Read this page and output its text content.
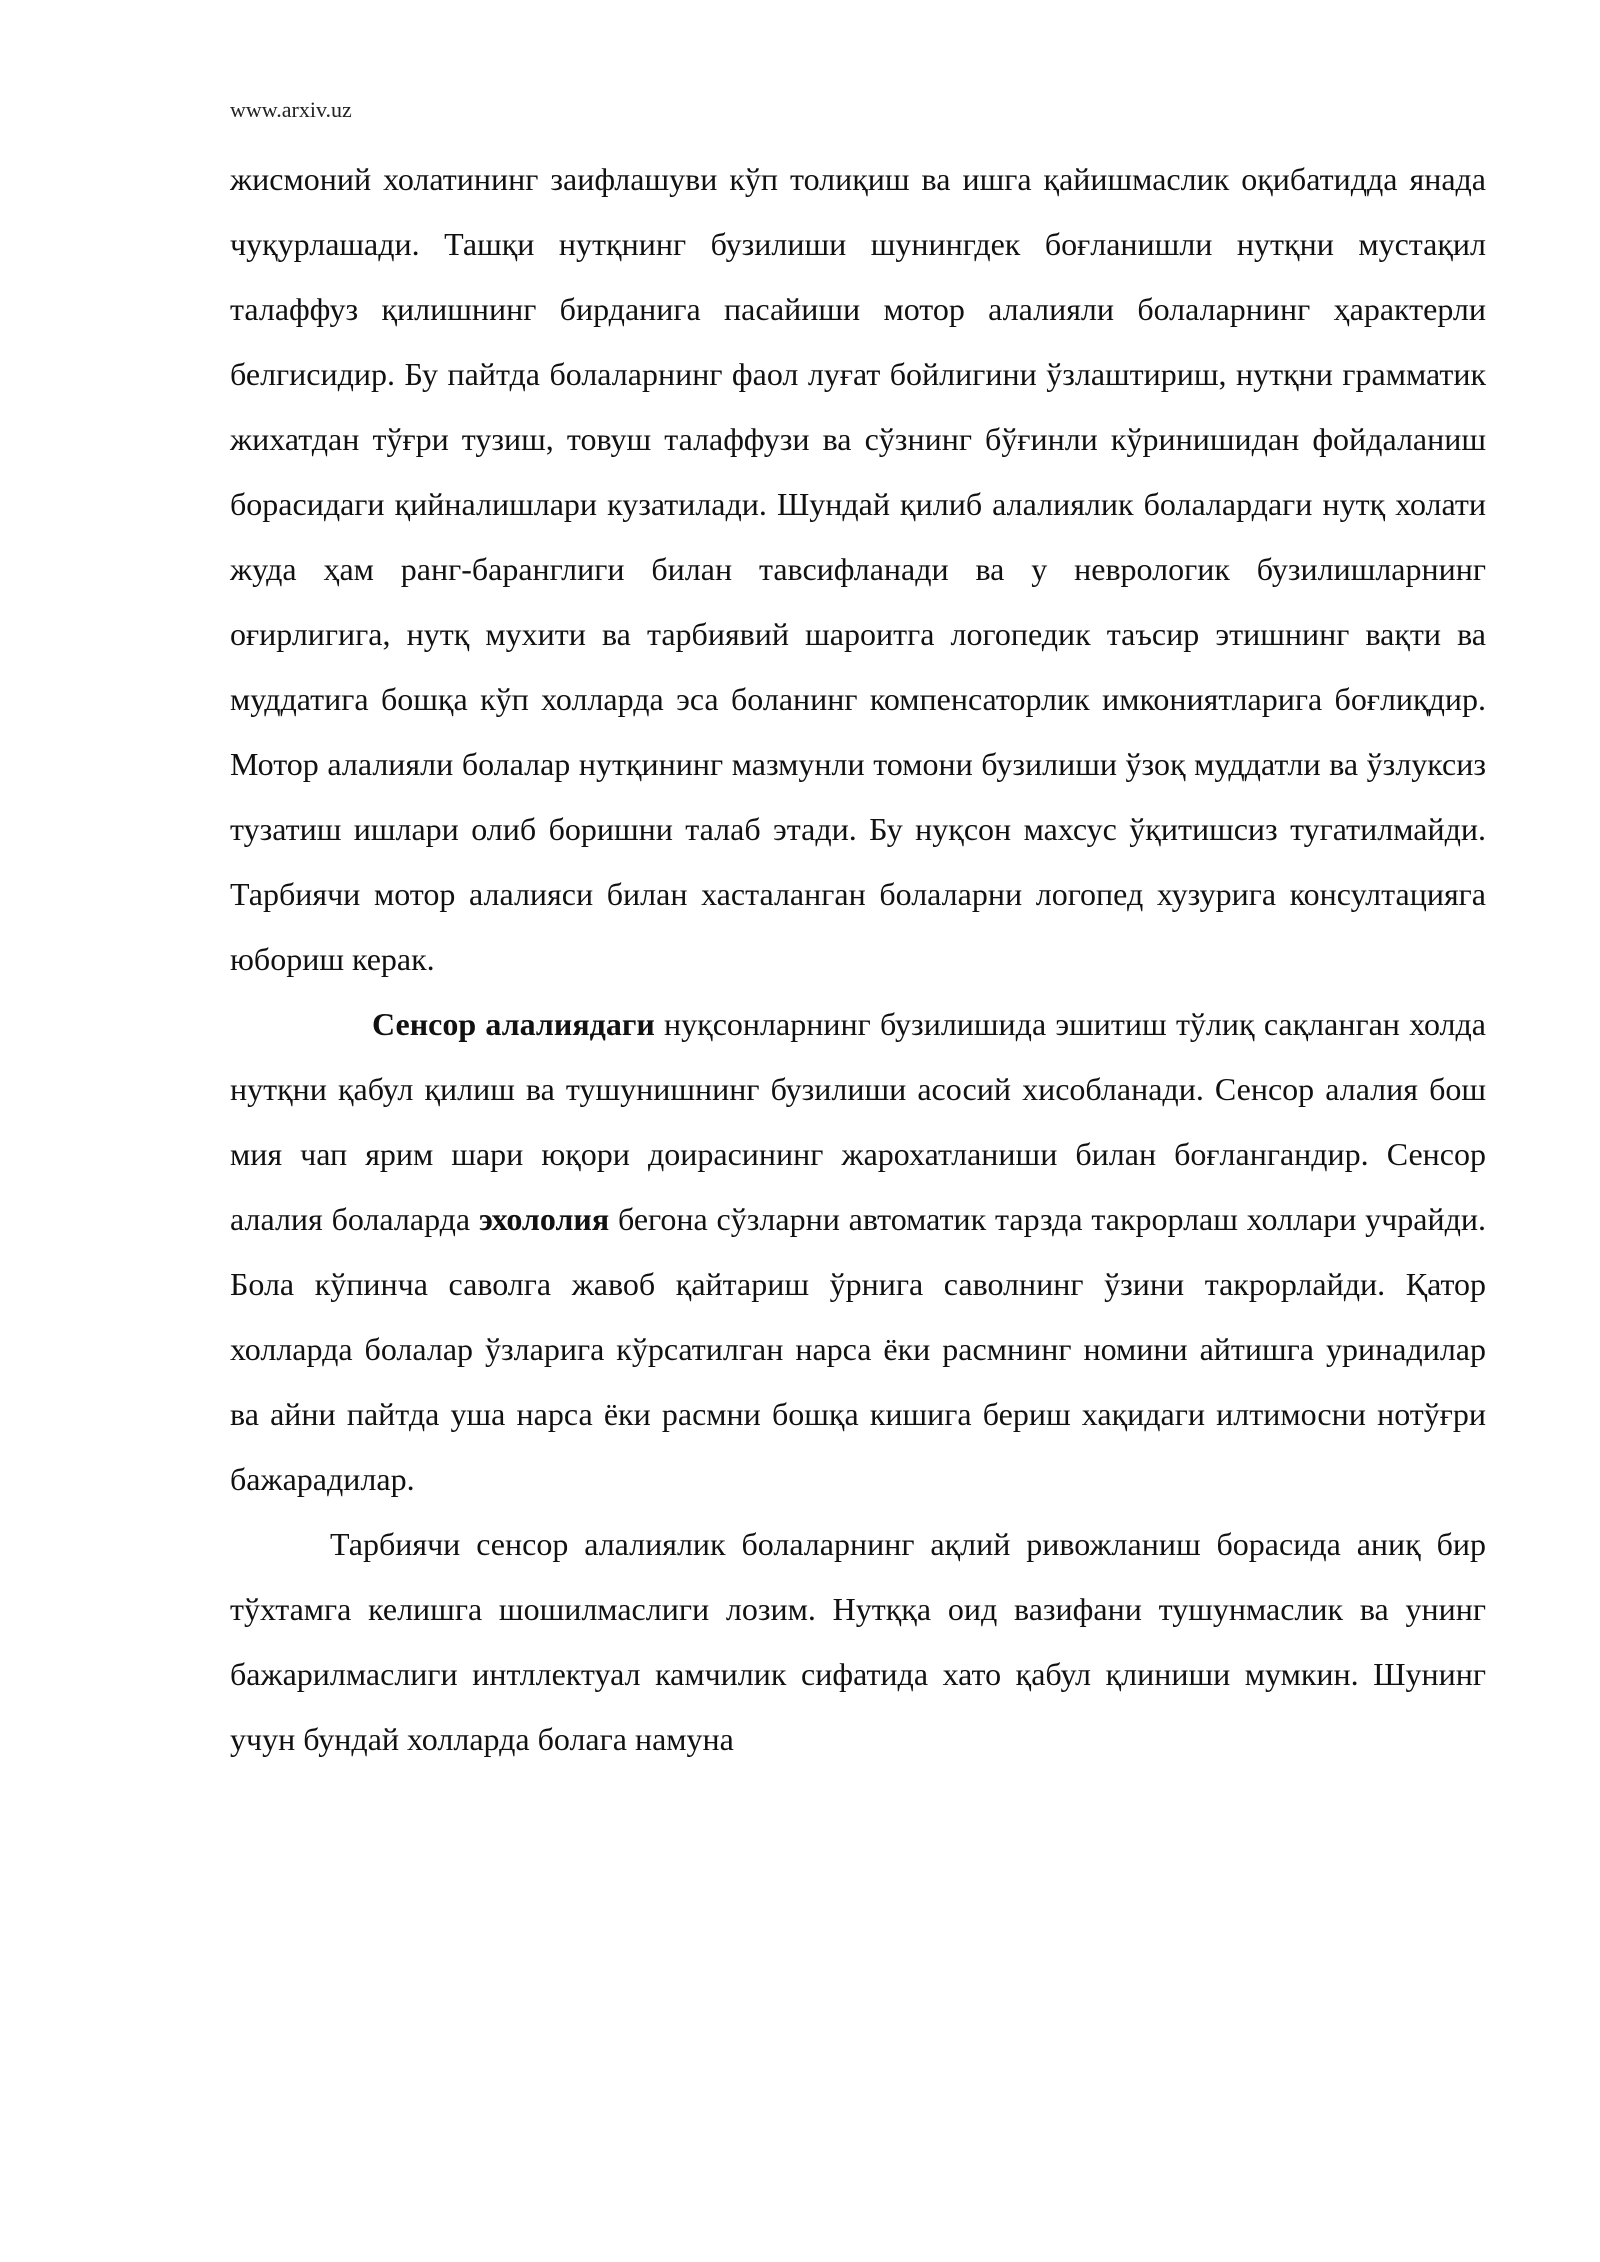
www.arxiv.uz

жисмоний холатининг заифлашуви кўп толиқиш ва ишга қайишмаслик оқибатидда янада чуқурлашади. Ташқи нутқнинг бузилиши шунингдек боғланишли нутқни мустақил талаффуз қилишнинг бирданига пасайиши мотор алалияли болаларнинг ҳарактерли белгисидир. Бу пайтда болаларнинг фаол луғат бойлигини ўзлаштириш, нутқни грамматик жихатдан тўғри тузиш, товуш талаффузи ва сўзнинг бўғинли кўринишидан фойдаланиш борасидаги қийналишлари кузатилади. Шундай қилиб алалиялик болалардаги нутқ холати жуда ҳам ранг-баранглиги билан тавсифланади ва у неврологик бузилишларнинг оғирлигига, нутқ мухити ва тарбиявий шароитга логопедик таъсир этишнинг вақти ва муддатига бошқа кўп холларда эса боланинг компенсаторлик имкониятларига боғлиқдир. Мотор алалияли болалар нутқининг мазмунли томони бузилиши ўзоқ муддатли ва ўзлуксиз тузатиш ишлари олиб боришни талаб этади. Бу нуқсон махсус ўқитишсиз тугатилмайди. Тарбиячи мотор алалияси билан хасталанган болаларни логопед хузурига консултацияга юбориш керак.

Сенсор алалиядаги нуқсонларнинг бузилишида эшитиш тўлиқ сақланган холда нутқни қабул қилиш ва тушунишнинг бузилиши асосий хисобланади. Сенсор алалия бош мия чап ярим шари юқори доирасининг жарохатланиши билан боғлангандир. Сенсор алалия болаларда эхололия бегона сўзларни автоматик тарзда такрорлаш холлари учрайди. Бола кўпинча саволга жавоб қайтариш ўрнига саволнинг ўзини такрорлайди. Қатор холларда болалар ўзларига кўрсатилган нарса ёки расмнинг номини айтишга уринадилар ва айни пайтда уша нарса ёки расмни бошқа кишига бериш хақидаги илтимосни нотўғри бажарадилар.

Тарбиячи сенсор алалиялик болаларнинг ақлий ривожланиш борасида аниқ бир тўхтамга келишга шошилмаслиги лозим. Нутққа оид вазифани тушунмаслик ва унинг бажарилмаслиги интллектуал камчилик сифатида хато қабул қлиниши мумкин. Шунинг учун бундай холларда болага намуна
